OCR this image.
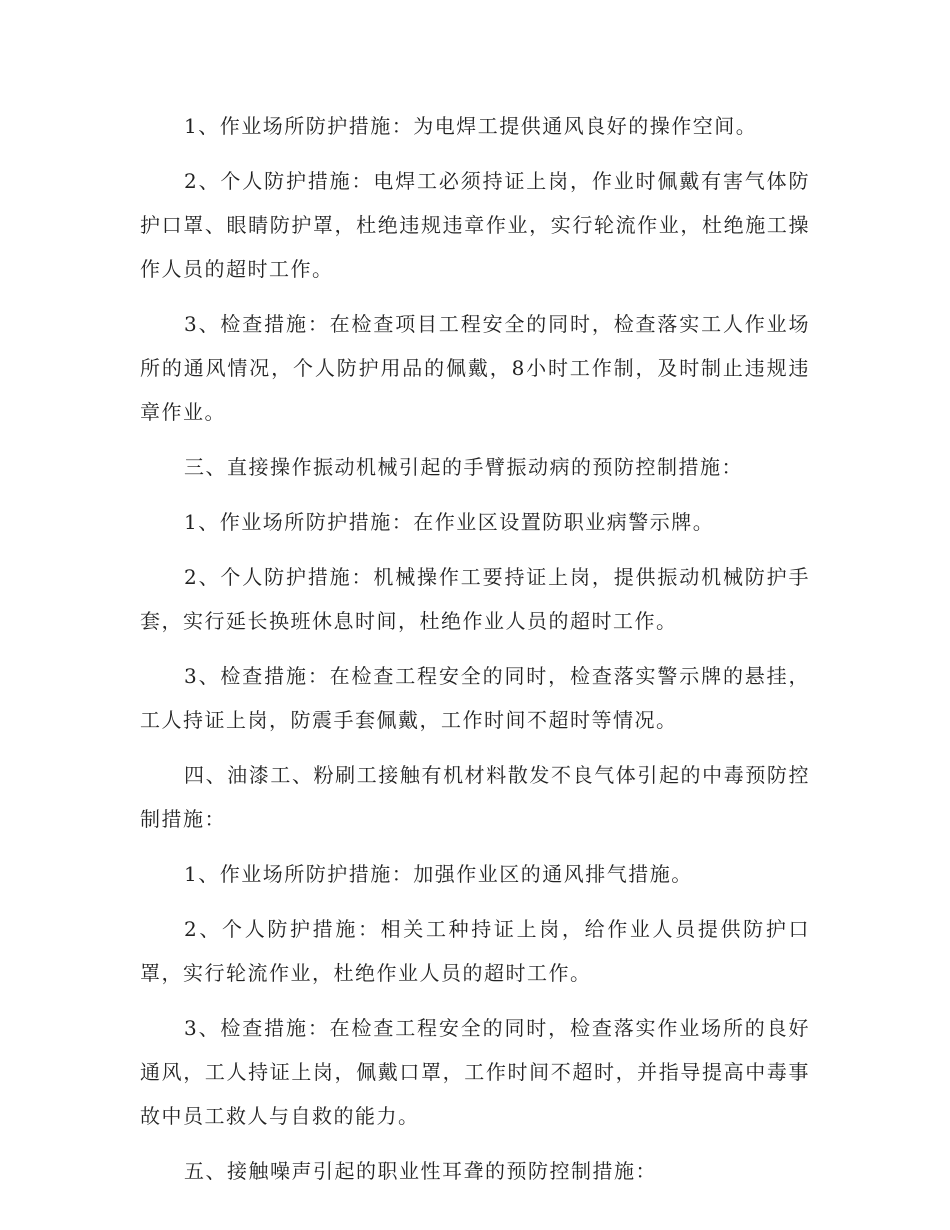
1、作业场所防护措施：为电焊工提供通风良好的操作空间。

2、个人防护措施：电焊工必须持证上岗，作业时佩戴有害气体防护口罩、眼睛防护罩，杜绝违规违章作业，实行轮流作业，杜绝施工操作人员的超时工作。

3、检查措施：在检查项目工程安全的同时，检查落实工人作业场所的通风情况，个人防护用品的佩戴，8小时工作制，及时制止违规违章作业。

三、直接操作振动机械引起的手臂振动病的预防控制措施：

1、作业场所防护措施：在作业区设置防职业病警示牌。

2、个人防护措施：机械操作工要持证上岗，提供振动机械防护手套，实行延长换班休息时间，杜绝作业人员的超时工作。

3、检查措施：在检查工程安全的同时，检查落实警示牌的悬挂，工人持证上岗，防震手套佩戴，工作时间不超时等情况。

四、油漆工、粉刷工接触有机材料散发不良气体引起的中毒预防控制措施：

1、作业场所防护措施：加强作业区的通风排气措施。

2、个人防护措施：相关工种持证上岗，给作业人员提供防护口罩，实行轮流作业，杜绝作业人员的超时工作。

3、检查措施：在检查工程安全的同时，检查落实作业场所的良好通风，工人持证上岗，佩戴口罩，工作时间不超时，并指导提高中毒事故中员工救人与自救的能力。

五、接触噪声引起的职业性耳聋的预防控制措施：
